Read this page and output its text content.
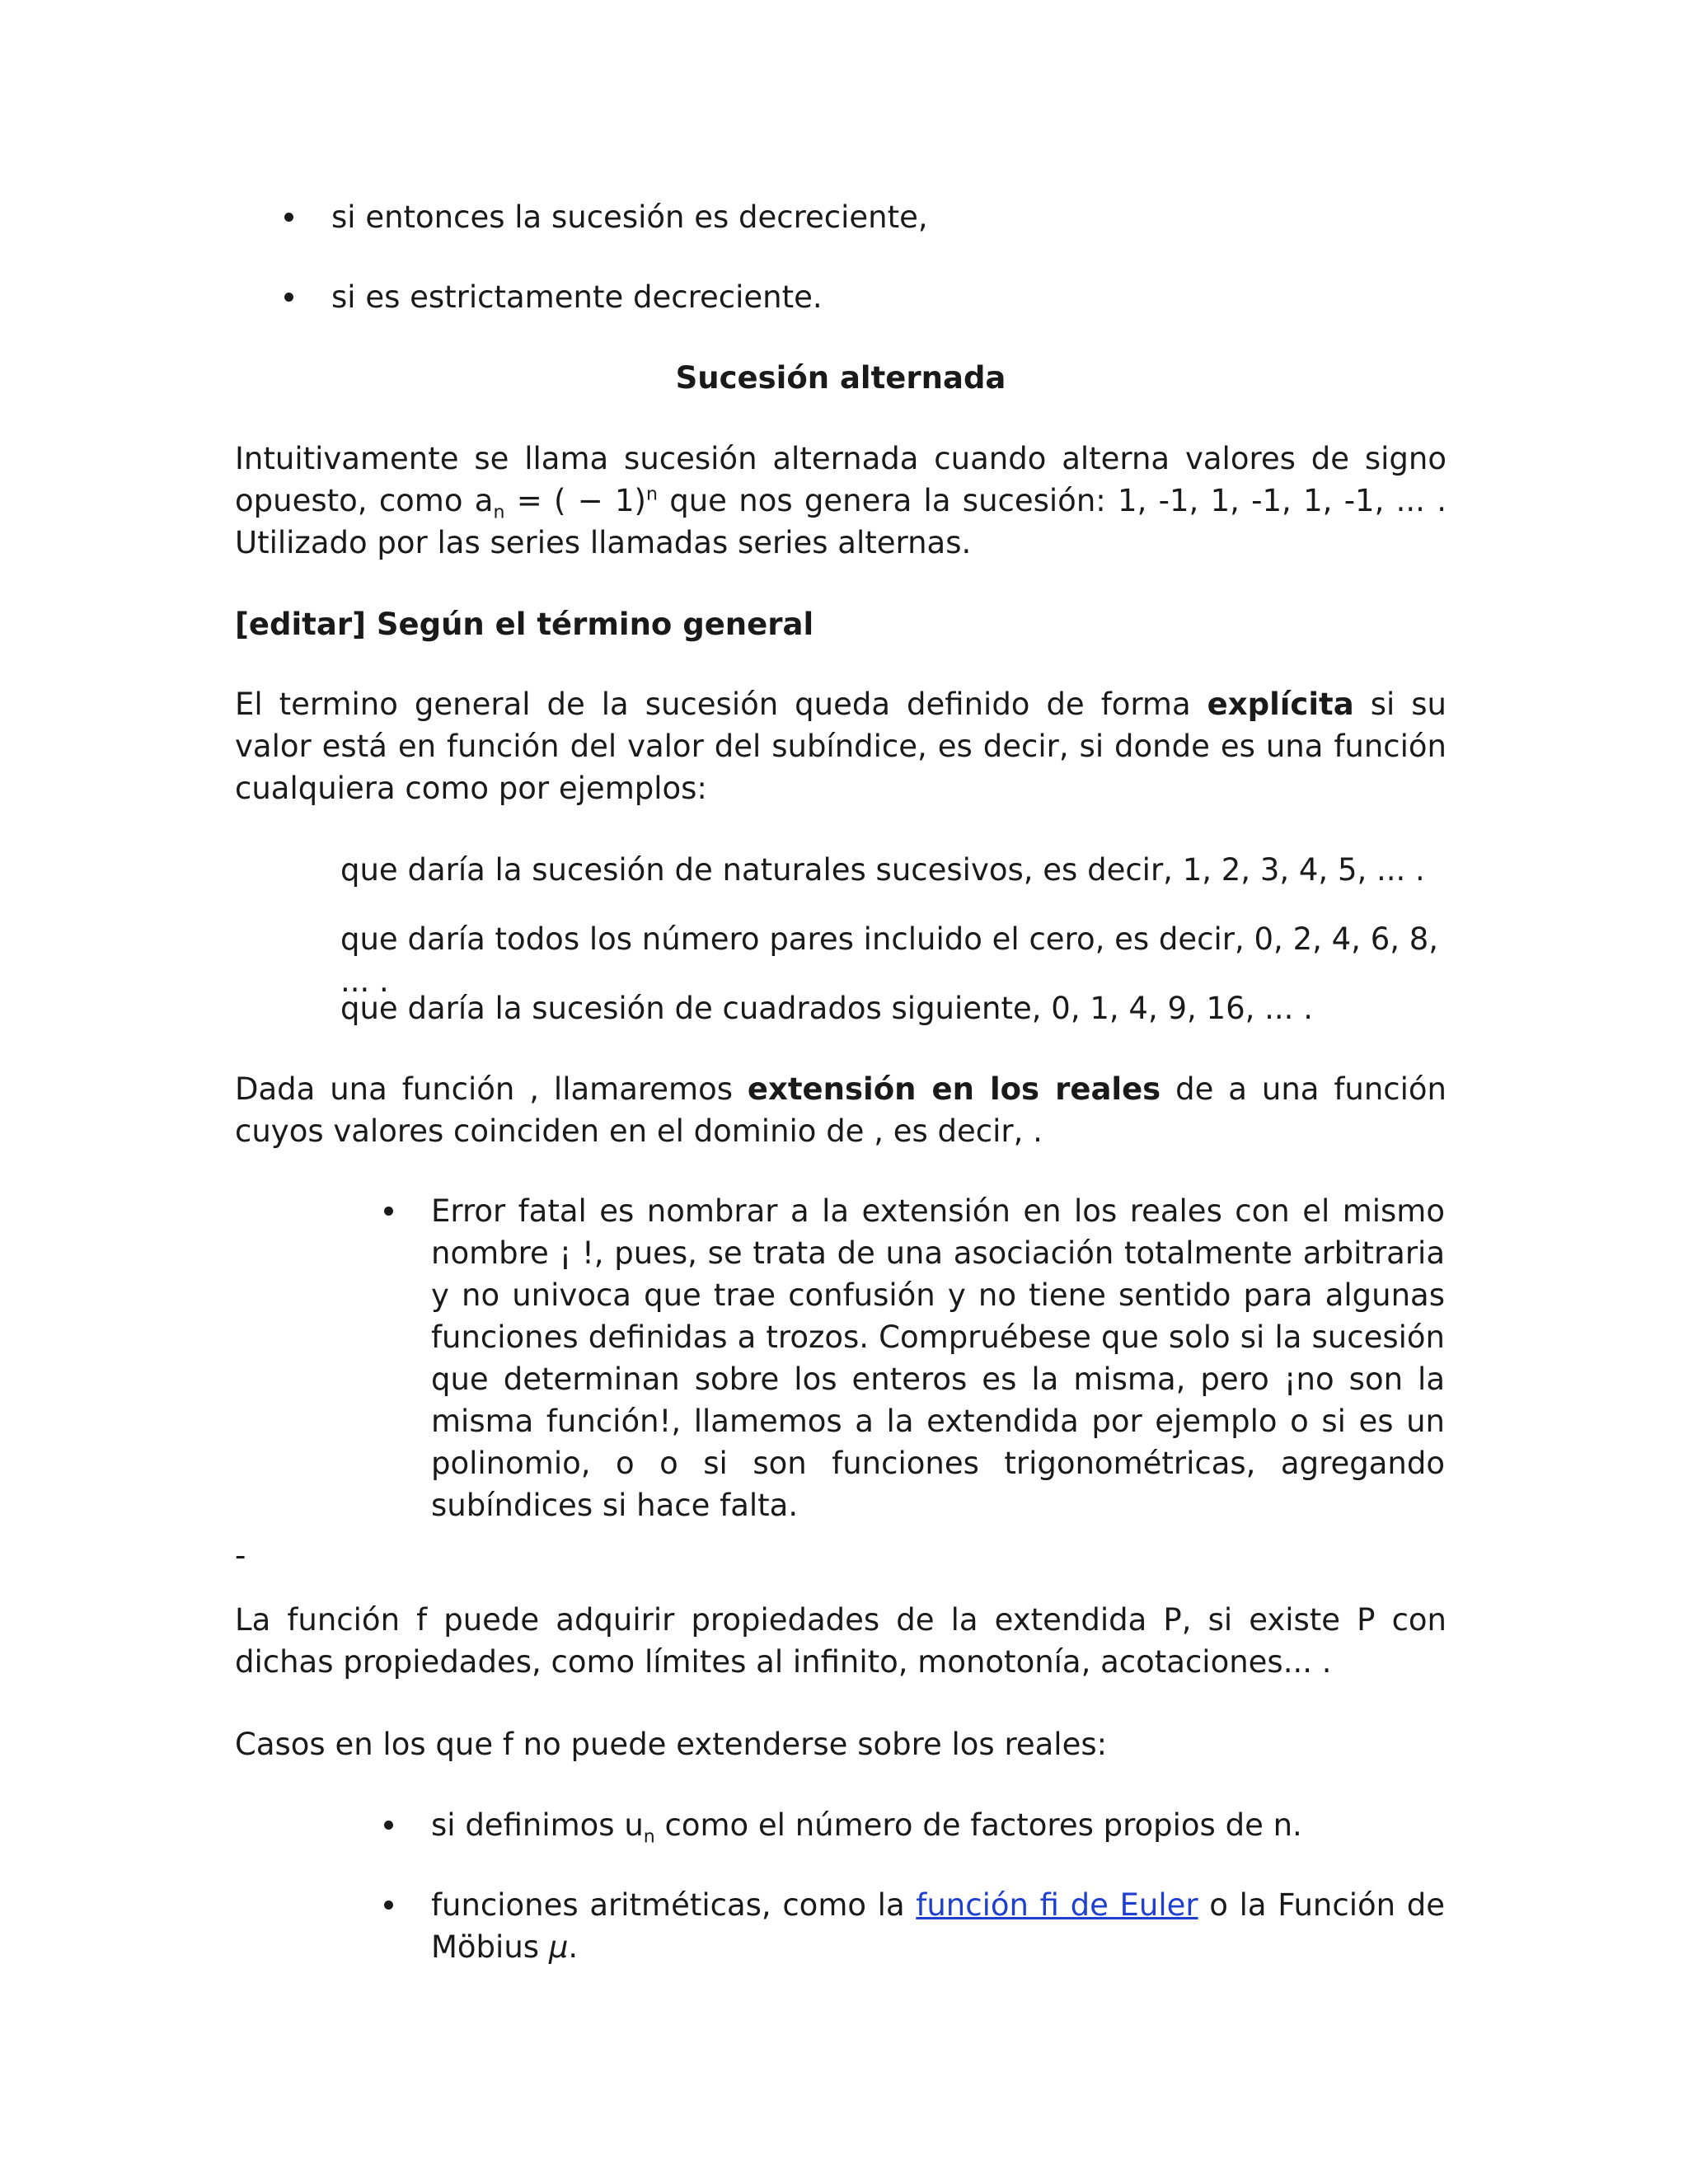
si entonces la sucesión es decreciente,
si es estrictamente decreciente.
Sucesión alternada
Intuitivamente se llama sucesión alternada cuando alterna valores de signo opuesto, como $a_n$ = ( − 1)$^n$ que nos genera la sucesión: 1, -1, 1, -1, 1, -1, ... . Utilizado por las series llamadas series alternas.
[editar] Según el término general
El termino general de la sucesión queda definido de forma explícita si su valor está en función del valor del subíndice, es decir, si donde es una función cualquiera como por ejemplos:
que daría la sucesión de naturales sucesivos, es decir, 1, 2, 3, 4, 5, ... .
que daría todos los número pares incluido el cero, es decir, 0, 2, 4, 6, 8, ... .
que daría la sucesión de cuadrados siguiente, 0, 1, 4, 9, 16, ... .
Dada una función , llamaremos extensión en los reales de a una función cuyos valores coinciden en el dominio de , es decir, .
Error fatal es nombrar a la extensión en los reales con el mismo nombre ¡ !, pues, se trata de una asociación totalmente arbitraria y no univoca que trae confusión y no tiene sentido para algunas funciones definidas a trozos. Compruébese que solo si la sucesión que determinan sobre los enteros es la misma, pero ¡no son la misma función!, llamemos a la extendida por ejemplo o si es un polinomio, o o si son funciones trigonométricas, agregando subíndices si hace falta.
-
La función f puede adquirir propiedades de la extendida P, si existe P con dichas propiedades, como límites al infinito, monotonía, acotaciones... .
Casos en los que f no puede extenderse sobre los reales:
si definimos $u_n$ como el número de factores propios de n.
funciones aritméticas, como la función fi de Euler o la Función de Möbius μ.
